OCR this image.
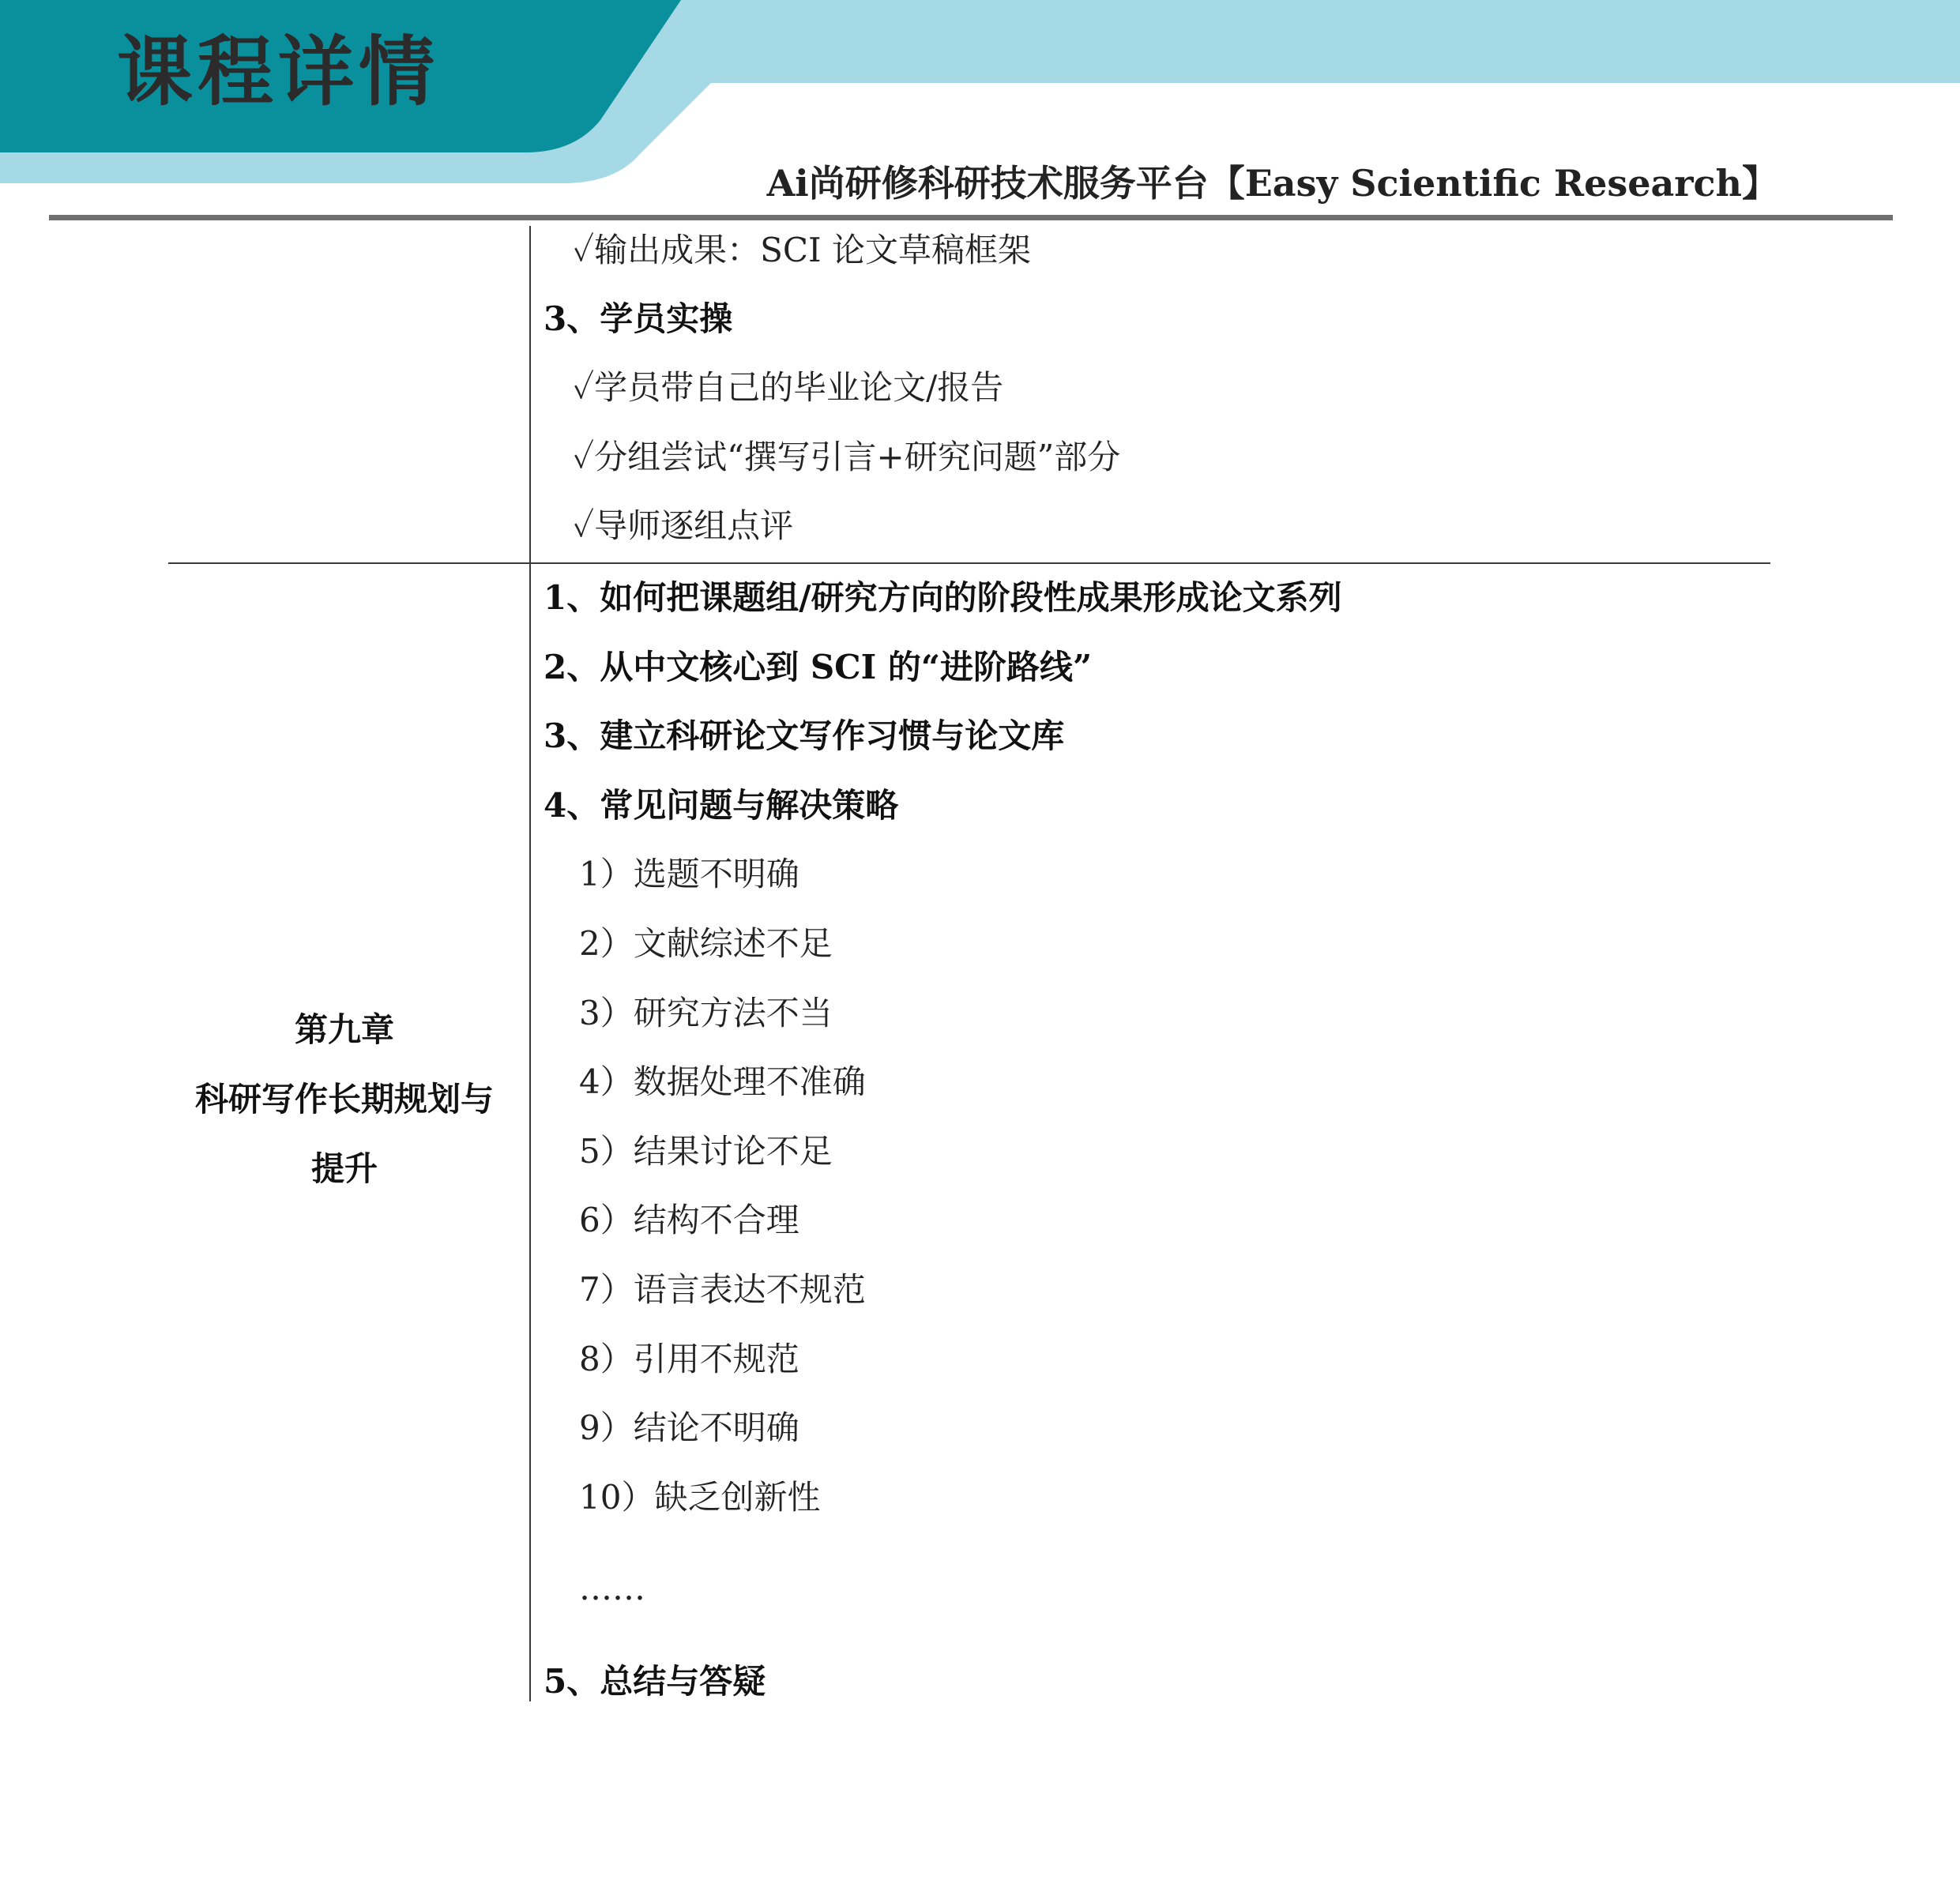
课程详情
Ai尚研修科研技术服务平台【Easy Scientific Research】
✓输出成果：SCI 论文草稿框架
3、学员实操
✓学员带自己的毕业论文/报告
✓分组尝试“撰写引言+研究问题”部分
✓导师逐组点评
第九章
科研写作长期规划与
提升
1、如何把课题组/研究方向的阶段性成果形成论文系列
2、从中文核心到 SCI 的“进阶路线”
3、建立科研论文写作习惯与论文库
4、常见问题与解决策略
1）选题不明确
2）文献综述不足
3）研究方法不当
4）数据处理不准确
5）结果讨论不足
6）结构不合理
7）语言表达不规范
8）引用不规范
9）结论不明确
10）缺乏创新性
……
5、总结与答疑
